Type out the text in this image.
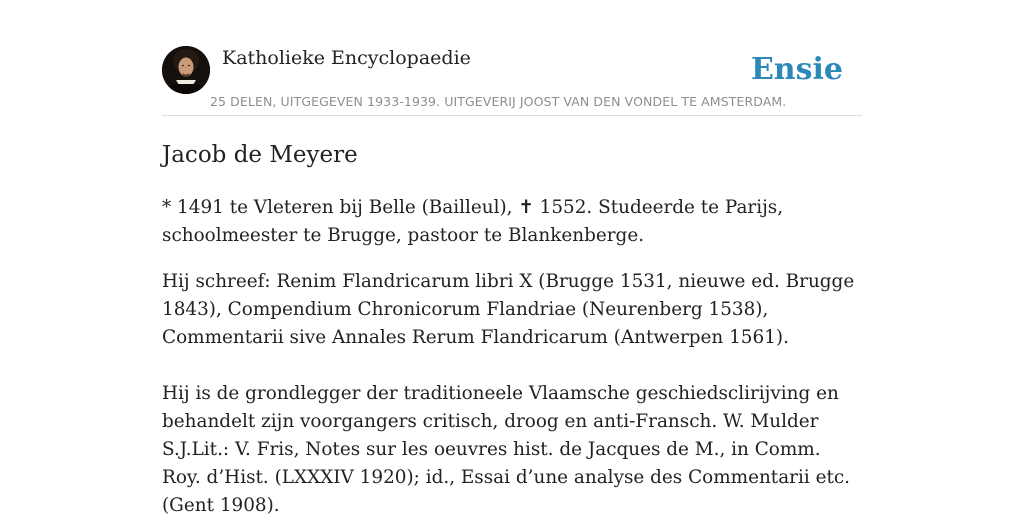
Katholieke Encyclopaedie	Ensie
25 DELEN, UITGEGEVEN 1933-1939. UITGEVERIJ JOOST VAN DEN VONDEL TE AMSTERDAM.
Jacob de Meyere

* 1491 te Vleteren bij Belle (Bailleul), ✝ 1552. Studeerde te Parijs, schoolmeester te Brugge, pastoor te Blankenberge.

Hij schreef: Renim Flandricarum libri X (Brugge 1531, nieuwe ed. Brugge 1843), Compendium Chronicorum Flandriae (Neurenberg 1538), Commentarii sive Annales Rerum Flandricarum (Antwerpen 1561).

Hij is de grondlegger der traditioneele Vlaamsche geschiedsclirijving en behandelt zijn voorgangers critisch, droog en anti-Fransch. W. Mulder S.J.Lit.: V. Fris, Notes sur les oeuvres hist. de Jacques de M., in Comm. Roy. d’Hist. (LXXXIV 1920); id., Essai d’une analyse des Commentarii etc. (Gent 1908).
